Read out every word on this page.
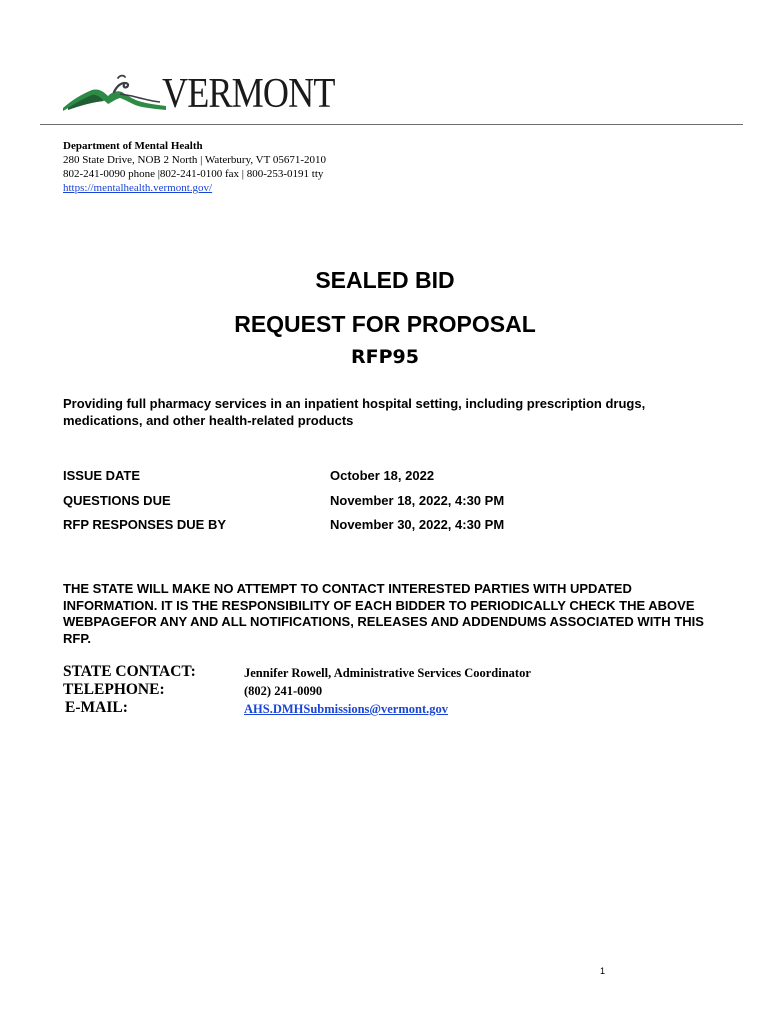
VERMONT
Department of Mental Health
280 State Drive, NOB 2 North | Waterbury, VT 05671-2010
802-241-0090 phone |802-241-0100 fax | 800-253-0191 tty
https://mentalhealth.vermont.gov/
SEALED BID
REQUEST FOR PROPOSAL
RFP95
Providing full pharmacy services in an inpatient hospital setting, including prescription drugs, medications, and other health-related products
ISSUE DATE	October 18, 2022
QUESTIONS DUE	November 18, 2022, 4:30 PM
RFP RESPONSES DUE BY	November 30, 2022, 4:30 PM
THE STATE WILL MAKE NO ATTEMPT TO CONTACT INTERESTED PARTIES WITH UPDATED INFORMATION. IT IS THE RESPONSIBILITY OF EACH BIDDER TO PERIODICALLY CHECK THE ABOVE WEBPAGEFOR ANY AND ALL NOTIFICATIONS, RELEASES AND ADDENDUMS ASSOCIATED WITH THIS RFP.
STATE CONTACT:	Jennifer Rowell, Administrative Services Coordinator
TELEPHONE:	(802) 241-0090
E-MAIL:	AHS.DMHSubmissions@vermont.gov
1
